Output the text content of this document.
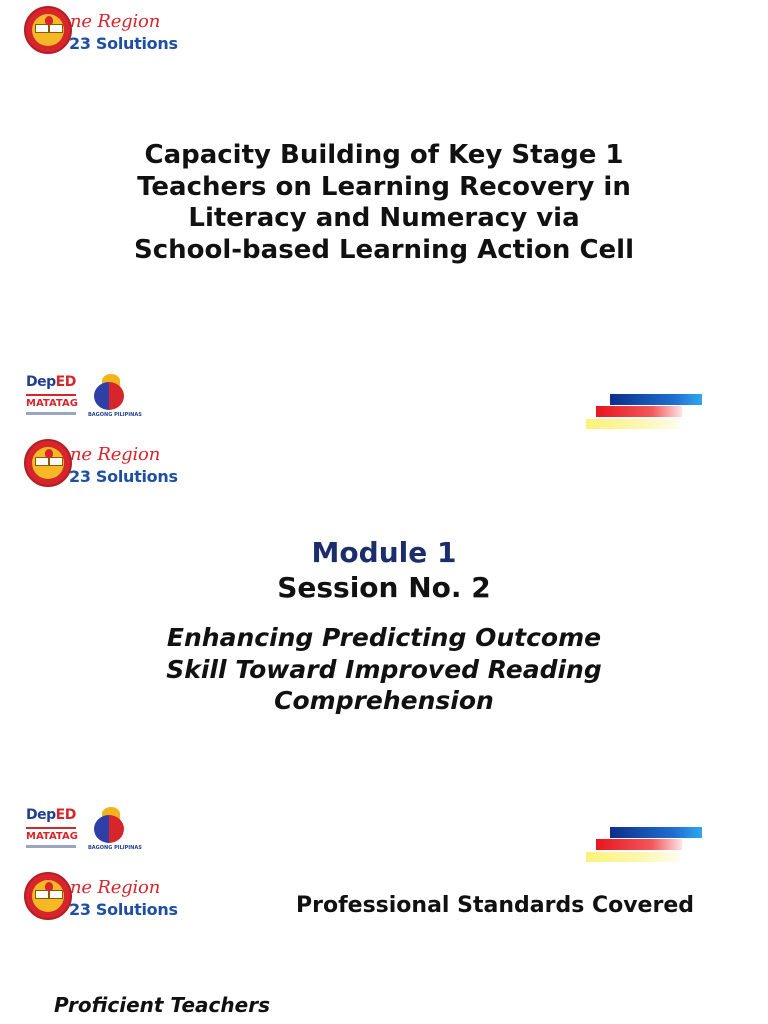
ne Region
23 Solutions
Capacity Building of Key Stage 1
Teachers on Learning Recovery in
Literacy and Numeracy via
School-based Learning Action Cell
DepED
MATATAG
BAGONG PILIPINAS
ne Region
23 Solutions
Module 1
Session No. 2
Enhancing Predicting Outcome
Skill Toward Improved Reading
Comprehension
DepED
MATATAG
BAGONG PILIPINAS
ne Region
23 Solutions	Professional Standards Covered
Proficient Teachers
